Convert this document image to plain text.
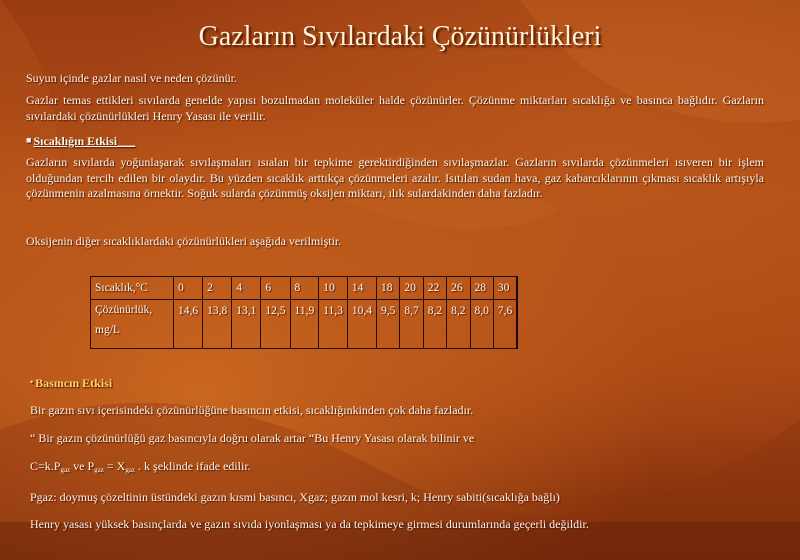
Gazların Sıvılardaki Çözünürlükleri

Suyun içinde gazlar nasıl ve neden çözünür.

Gazlar temas ettikleri sıvılarda genelde yapısı bozulmadan moleküler halde çözünürler. Çözünme miktarları sıcaklığa ve basınca bağlıdır. Gazların sıvılardaki çözünürlükleri Henry Yasası ile verilir.

■ Sıcaklığın Etkisi___

Gazların sıvılarda yoğunlaşarak sıvılaşmaları ısıalan bir tepkime gerektirdiğinden sıvılaşmazlar. Gazların sıvılarda çözünmeleri ısıveren bir işlem olduğundan tercih edilen bir olaydır. Bu yüzden sıcaklık arttıkça çözünmeleri azalır. Isıtılan sudan hava, gaz kabarcıklarının çıkması sıcaklık artışıyla çözünmenin azalmasına örnektir. Soğuk sularda çözünmüş oksijen miktarı, ılık sulardakinden daha fazladır.

Oksijenin diğer sıcaklıklardaki çözünürlükleri aşağıda verilmiştir.

Sıcaklık,°C	0	2	4	6	8	10	14	18	20	22	26	28	30
Çözünürlük,
mg/L	14,6	13,8	13,1	12,5	11,9	11,3	10,4	9,5	8,7	8,2	8,2	8,0	7,6

• Basıncın Etkisi

Bir gazın sıvı içerisindeki çözünürlüğüne basıncın etkisi, sıcaklığınkinden çok daha fazladır.

“ Bir gazın çözünürlüğü gaz basıncıyla doğru olarak artar “Bu Henry Yasası olarak bilinir ve

$C=k.P_{gaz}$ ve $P_{gaz} = X_{gaz}$ . k şeklinde ifade edilir.

Pgaz: doymuş çözeltinin üstündeki gazın kısmi basıncı, Xgaz; gazın mol kesri, k; Henry sabiti(sıcaklığa bağlı)

Henry yasası yüksek basınçlarda ve gazın sıvıda iyonlaşması ya da tepkimeye girmesi durumlarında geçerli değildir.
